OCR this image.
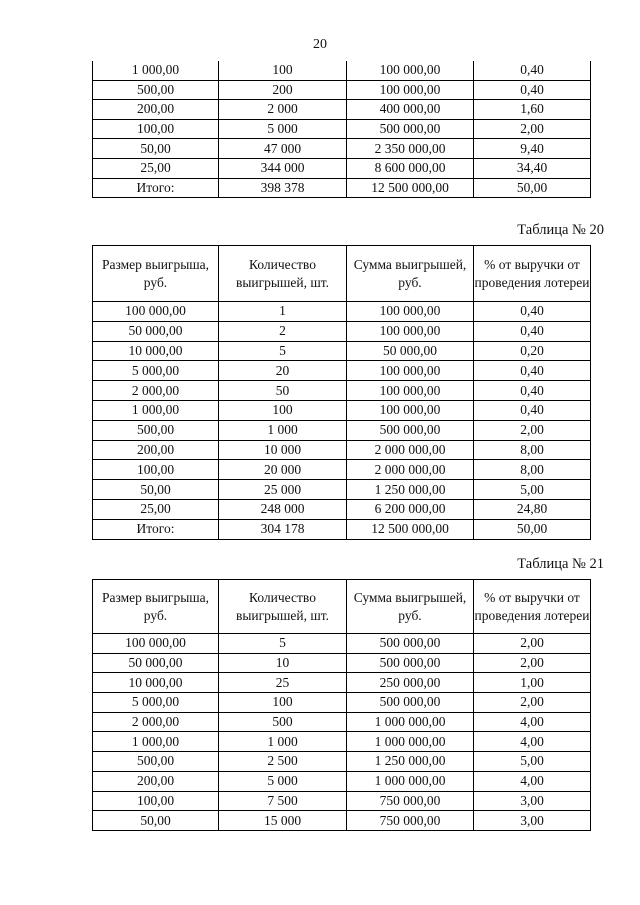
20
1 000,00	100	100 000,00	0,40
500,00	200	100 000,00	0,40
200,00	2 000	400 000,00	1,60
100,00	5 000	500 000,00	2,00
50,00	47 000	2 350 000,00	9,40
25,00	344 000	8 600 000,00	34,40
Итого:	398 378	12 500 000,00	50,00
Таблица № 20
Размер выигрыша, руб.	Количество выигрышей, шт.	Сумма выигрышей, руб.	% от выручки от проведения лотереи
100 000,00	1	100 000,00	0,40
50 000,00	2	100 000,00	0,40
10 000,00	5	50 000,00	0,20
5 000,00	20	100 000,00	0,40
2 000,00	50	100 000,00	0,40
1 000,00	100	100 000,00	0,40
500,00	1 000	500 000,00	2,00
200,00	10 000	2 000 000,00	8,00
100,00	20 000	2 000 000,00	8,00
50,00	25 000	1 250 000,00	5,00
25,00	248 000	6 200 000,00	24,80
Итого:	304 178	12 500 000,00	50,00
Таблица № 21
Размер выигрыша, руб.	Количество выигрышей, шт.	Сумма выигрышей, руб.	% от выручки от проведения лотереи
100 000,00	5	500 000,00	2,00
50 000,00	10	500 000,00	2,00
10 000,00	25	250 000,00	1,00
5 000,00	100	500 000,00	2,00
2 000,00	500	1 000 000,00	4,00
1 000,00	1 000	1 000 000,00	4,00
500,00	2 500	1 250 000,00	5,00
200,00	5 000	1 000 000,00	4,00
100,00	7 500	750 000,00	3,00
50,00	15 000	750 000,00	3,00
